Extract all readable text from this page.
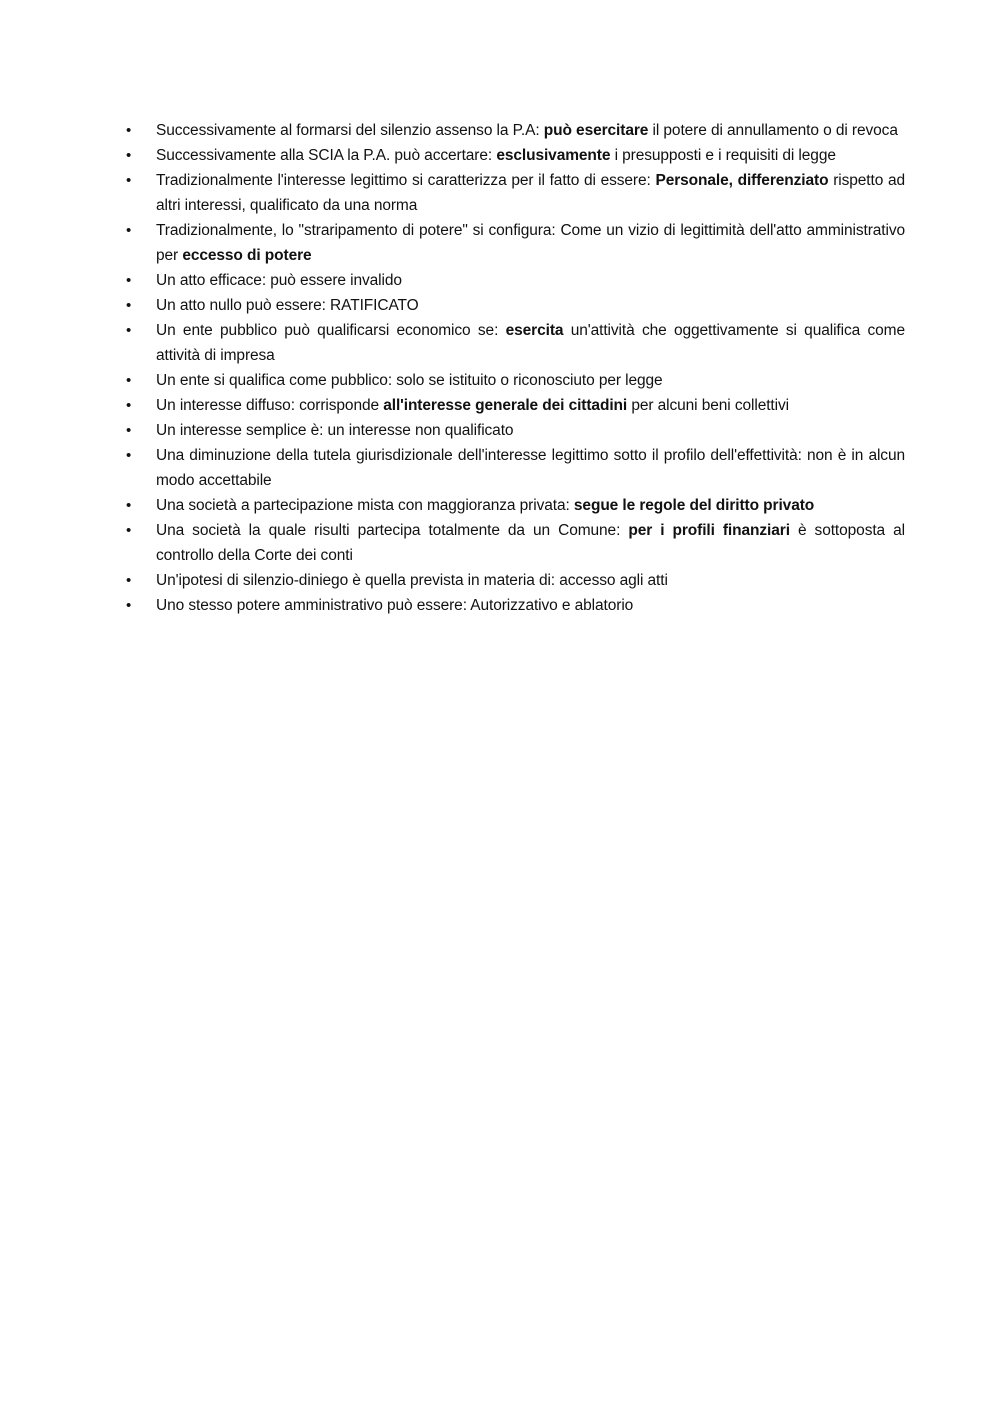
•	Successivamente al formarsi del silenzio assenso la P.A: può esercitare il potere di annullamento o di revoca
•	Successivamente alla SCIA la P.A. può accertare: esclusivamente i presupposti e i requisiti di legge
•	Tradizionalmente l'interesse legittimo si caratterizza per il fatto di essere: Personale, differenziato rispetto ad altri interessi, qualificato da una norma
•	Tradizionalmente, lo "straripamento di potere" si configura: Come un vizio di legittimità dell'atto amministrativo per eccesso di potere
•	Un atto efficace: può essere invalido
•	Un atto nullo può essere: RATIFICATO
•	Un ente pubblico può qualificarsi economico se: esercita un'attività che oggettivamente si qualifica come attività di impresa
•	Un ente si qualifica come pubblico: solo se istituito o riconosciuto per legge
•	Un interesse diffuso: corrisponde all'interesse generale dei cittadini per alcuni beni collettivi
•	Un interesse semplice è: un interesse non qualificato
•	Una diminuzione della tutela giurisdizionale dell'interesse legittimo sotto il profilo dell'effettività: non è in alcun modo accettabile
•	Una società a partecipazione mista con maggioranza privata: segue le regole del diritto privato
•	Una società la quale risulti partecipa totalmente da un Comune: per i profili finanziari è sottoposta al controllo della Corte dei conti
•	Un'ipotesi di silenzio-diniego è quella prevista in materia di: accesso agli atti
•	Uno stesso potere amministrativo può essere: Autorizzativo e ablatorio
